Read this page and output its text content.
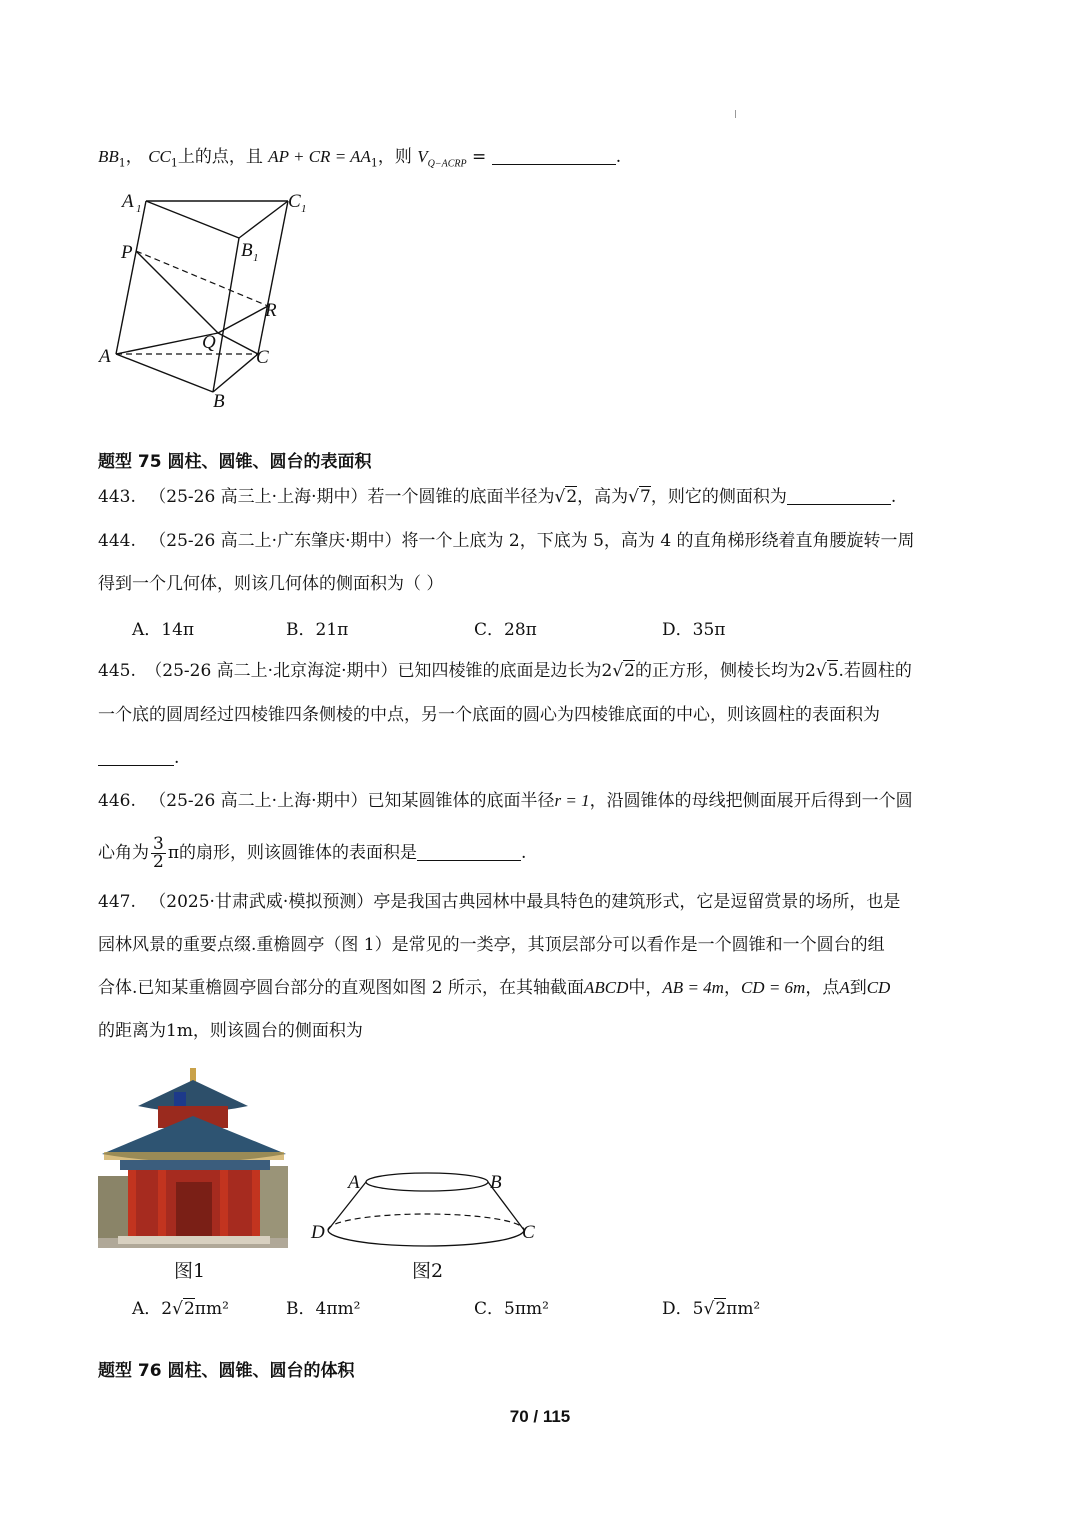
$BB_1$， $CC_1$上的点，且 AP + CR = $AA_1$，则 $V_{Q-ACRP}$ =	.
A 1	C 1
P	B 1
R
Q
A	C
B
题型 75 圆柱、圆锥、圆台的表面积
443. （25-26 高三上·上海·期中）若一个圆锥的底面半径为√2，高为√7，则它的侧面积为	.
444. （25-26 高二上·广东肇庆·期中）将一个上底为 2，下底为 5，高为 4 的直角梯形绕着直角腰旋转一周
得到一个几何体，则该几何体的侧面积为（ ）
A．14π	B．21π	C．28π	D．35π
445. （25-26 高二上·北京海淀·期中）已知四棱锥的底面是边长为2√2的正方形，侧棱长均为2√5.若圆柱的
一个底的圆周经过四棱锥四条侧棱的中点，另一个底面的圆心为四棱锥底面的中心，则该圆柱的表面积为
.
446. （25-26 高二上·上海·期中）已知某圆锥体的底面半径r = 1，沿圆锥体的母线把侧面展开后得到一个圆
心角为 $\frac{3}{2}$ π的扇形，则该圆锥体的表面积是	.
447. （2025·甘肃武威·模拟预测）亭是我国古典园林中最具特色的建筑形式，它是逗留赏景的场所，也是
园林风景的重要点缀.重檐圆亭（图 1）是常见的一类亭，其顶层部分可以看作是一个圆锥和一个圆台的组
合体.已知某重檐圆亭圆台部分的直观图如图 2 所示，在其轴截面ABCD中，AB = 4m，CD = 6m，点A到CD
的距离为1m，则该圆台的侧面积为
图1
A	B
D	C
图2
A．2√2πm²	B．4πm²	C．5πm²	D．5√2πm²
题型 76 圆柱、圆锥、圆台的体积
70 / 115
